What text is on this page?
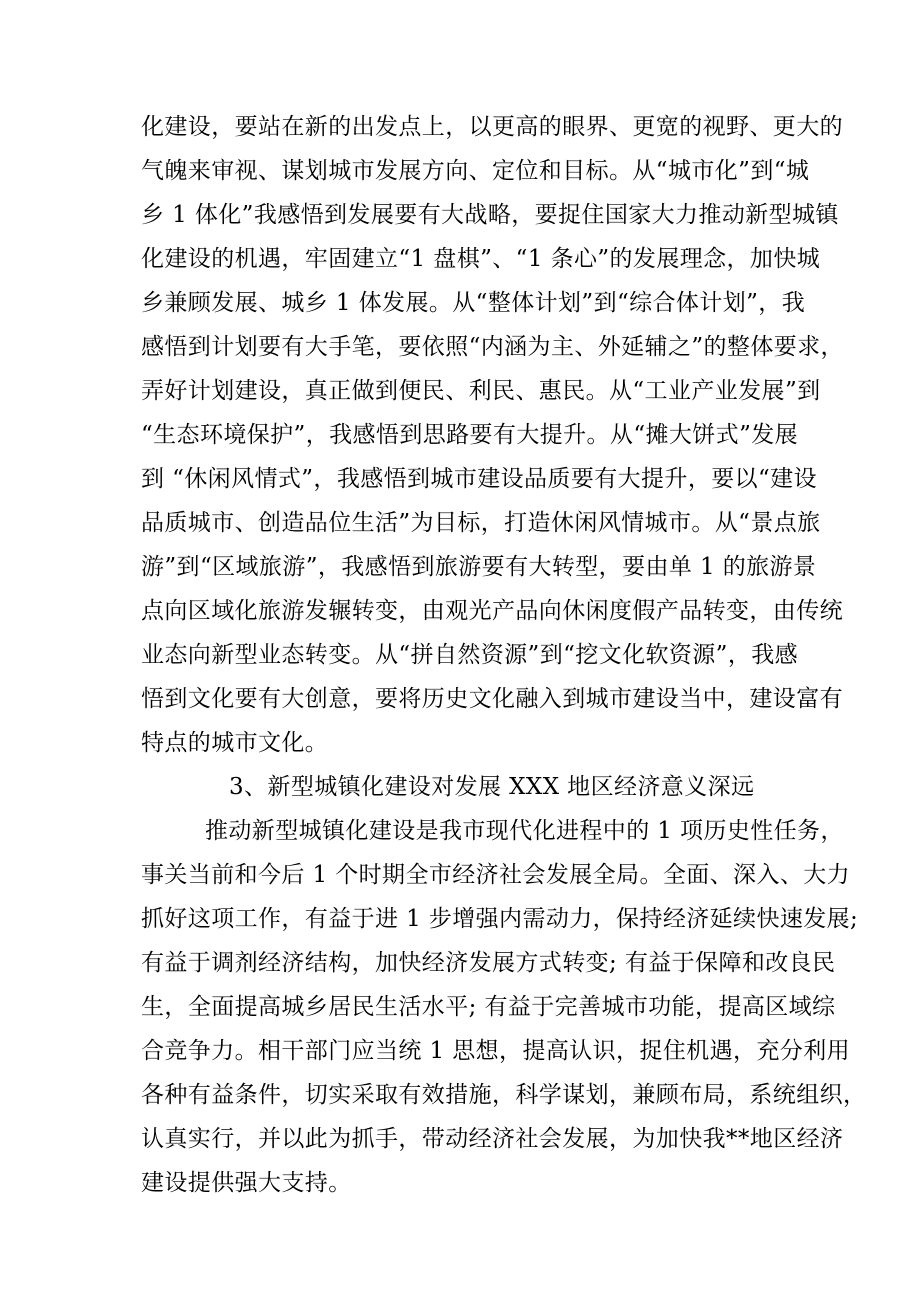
化建设，要站在新的出发点上，以更高的眼界、更宽的视野、更大的
气魄来审视、谋划城市发展方向、定位和目标。从“城市化”到“城
乡 1 体化”我感悟到发展要有大战略，要捉住国家大力推动新型城镇
化建设的机遇，牢固建立“1 盘棋”、“1 条心”的发展理念，加快城
乡兼顾发展、城乡 1 体发展。从“整体计划”到“综合体计划”，我
感悟到计划要有大手笔，要依照“内涵为主、外延辅之”的整体要求，
弄好计划建设，真正做到便民、利民、惠民。从“工业产业发展”到
“生态环境保护”，我感悟到思路要有大提升。从“摊大饼式”发展
到 “休闲风情式”，我感悟到城市建设品质要有大提升，要以“建设
品质城市、创造品位生活”为目标，打造休闲风情城市。从“景点旅
游”到“区域旅游”，我感悟到旅游要有大转型，要由单 1 的旅游景
点向区域化旅游发辗转变，由观光产品向休闲度假产品转变，由传统
业态向新型业态转变。从“拼自然资源”到“挖文化软资源”，我感
悟到文化要有大创意，要将历史文化融入到城市建设当中，建设富有
特点的城市文化。
3、新型城镇化建设对发展 XXX 地区经济意义深远
推动新型城镇化建设是我市现代化进程中的 1 项历史性任务，
事关当前和今后 1 个时期全市经济社会发展全局。全面、深入、大力
抓好这项工作，有益于进 1 步增强内需动力，保持经济延续快速发展;
有益于调剂经济结构，加快经济发展方式转变; 有益于保障和改良民
生，全面提高城乡居民生活水平; 有益于完善城市功能，提高区域综
合竞争力。相干部门应当统 1 思想，提高认识，捉住机遇，充分利用
各种有益条件，切实采取有效措施，科学谋划，兼顾布局，系统组织，
认真实行，并以此为抓手，带动经济社会发展，为加快我**地区经济
建设提供强大支持。
